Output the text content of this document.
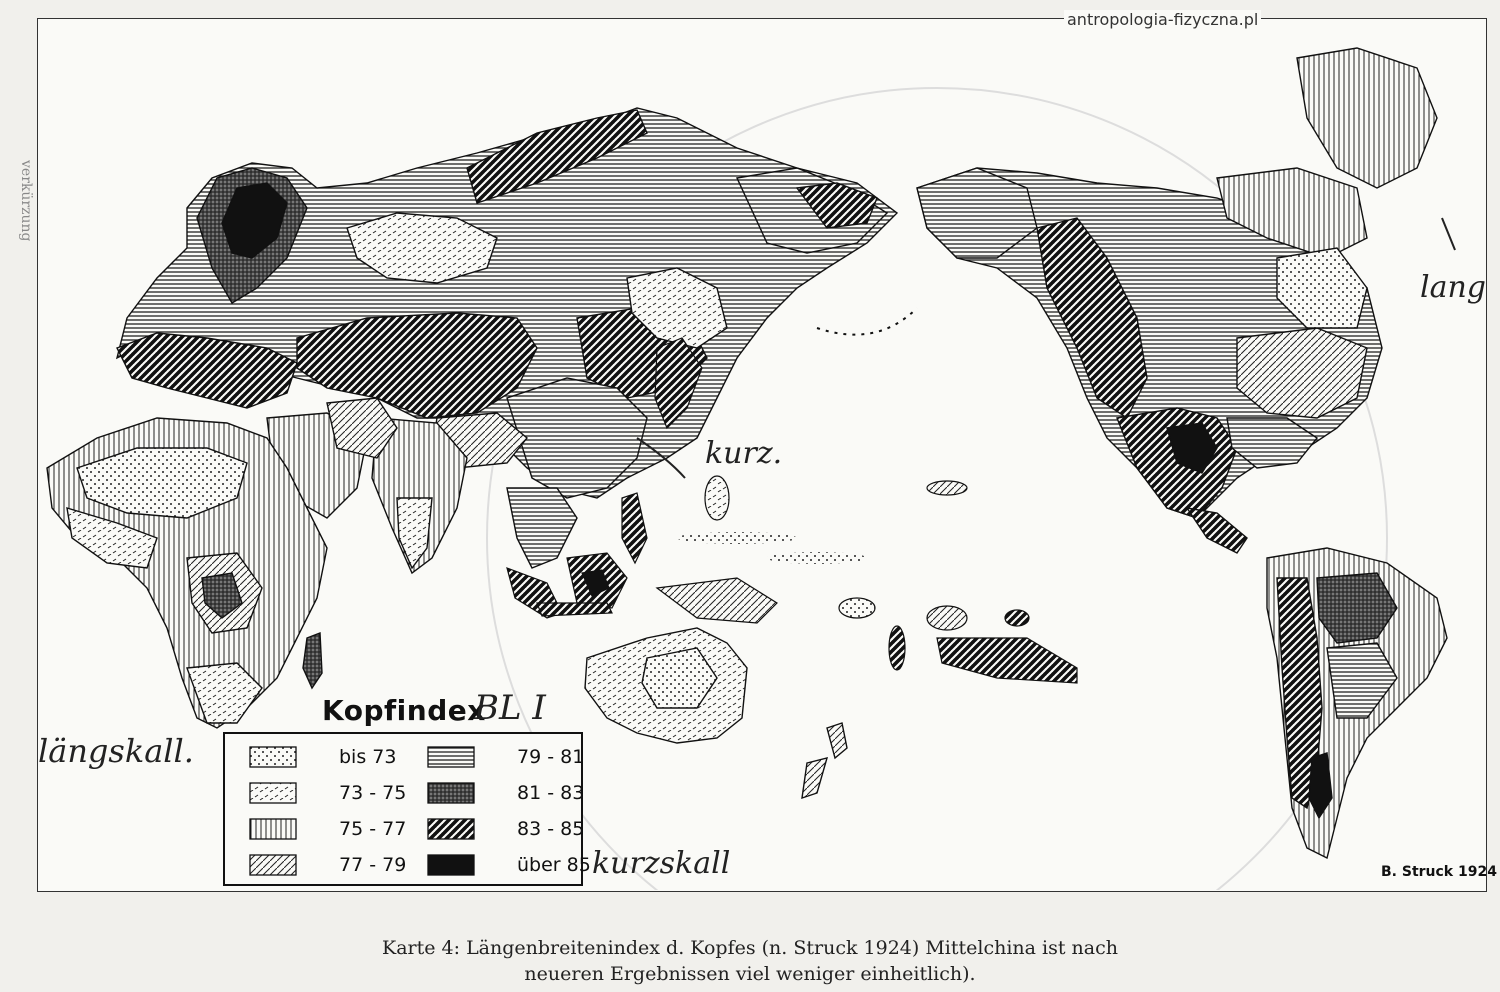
antropologia-fizyczna.pl
verkürzung
kurz.
lang
längskall.
kurzskall
Kopfindex
BL I
bis 73
73 - 75
75 - 77
77 - 79
79 - 81
81 - 83
83 - 85
über 85	B. Struck 1924
Karte 4: Längenbreitenindex d. Kopfes (n. Struck 1924) Mittelchina ist nach
neueren Ergebnissen viel weniger einheitlich).
